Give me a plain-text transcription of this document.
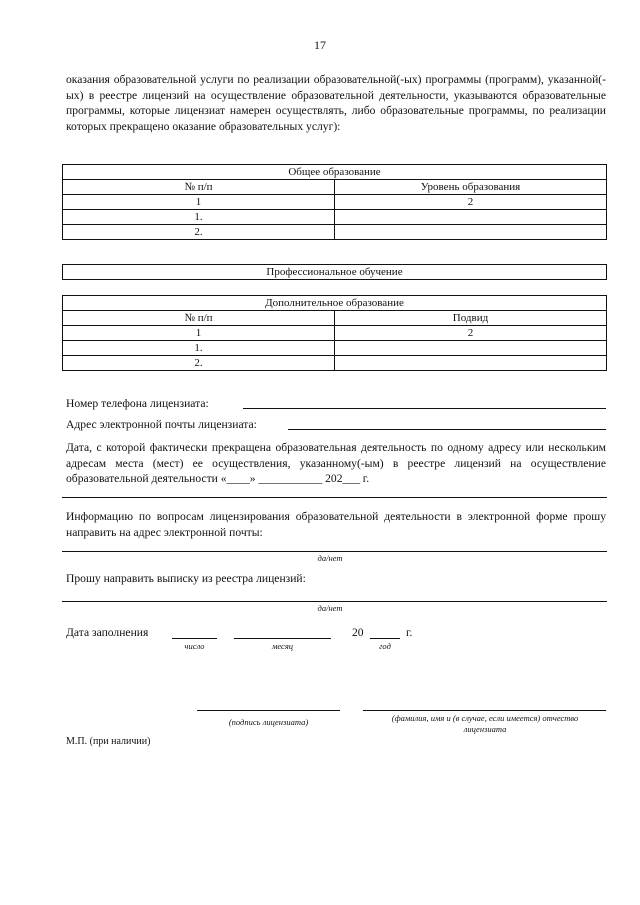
17
оказания образовательной услуги по реализации образовательной(-ых) программы (программ), указанной(-ых) в реестре лицензий на осуществление образовательной деятельности, указываются образовательные программы, которые лицензиат намерен осуществлять, либо образовательные программы, по реализации которых прекращено оказание образовательных услуг):
Общее образование	
№ п/п	Уровень образования
1	2
1.	
2.	
Профессиональное обучение
Дополнительное образование	
№ п/п	Подвид
1	2
1.	
2.	
Номер телефона лицензиата:
Адрес электронной почты лицензиата:
Дата, с которой фактически прекращена образовательная деятельность по одному адресу или нескольким адресам места (мест) ее осуществления, указанному(-ым) в реестре лицензий на осуществление образовательной деятельности «____» ___________ 202___ г.
Информацию по вопросам лицензирования образовательной деятельности в электронной форме прошу направить на адрес электронной почты:
да/нет
Прошу направить выписку из реестра лицензий:
да/нет
Дата заполнения
число	месяц
20	г.
год
(подпись лицензиата)	(фамилия, имя и (в случае, если имеется) отчество лицензиата
М.П. (при наличии)
